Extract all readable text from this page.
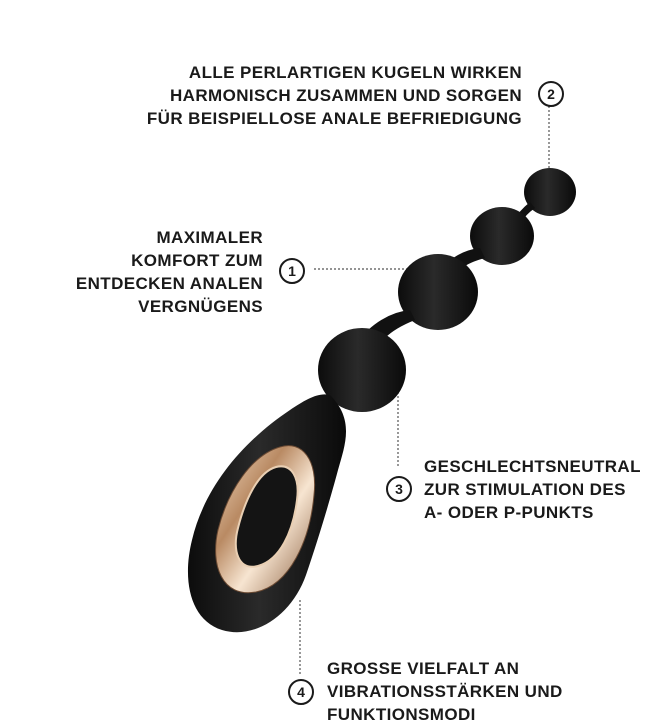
1
2
3
4
MAXIMALER
KOMFORT ZUM
ENTDECKEN ANALEN
VERGNÜGENS
ALLE PERLARTIGEN KUGELN WIRKEN
HARMONISCH ZUSAMMEN UND SORGEN
FÜR BEISPIELLOSE ANALE BEFRIEDIGUNG
GESCHLECHTSNEUTRAL
ZUR STIMULATION DES
A- ODER P-PUNKTS
GROSSE VIELFALT AN
VIBRATIONSSTÄRKEN UND
FUNKTIONSMODI
